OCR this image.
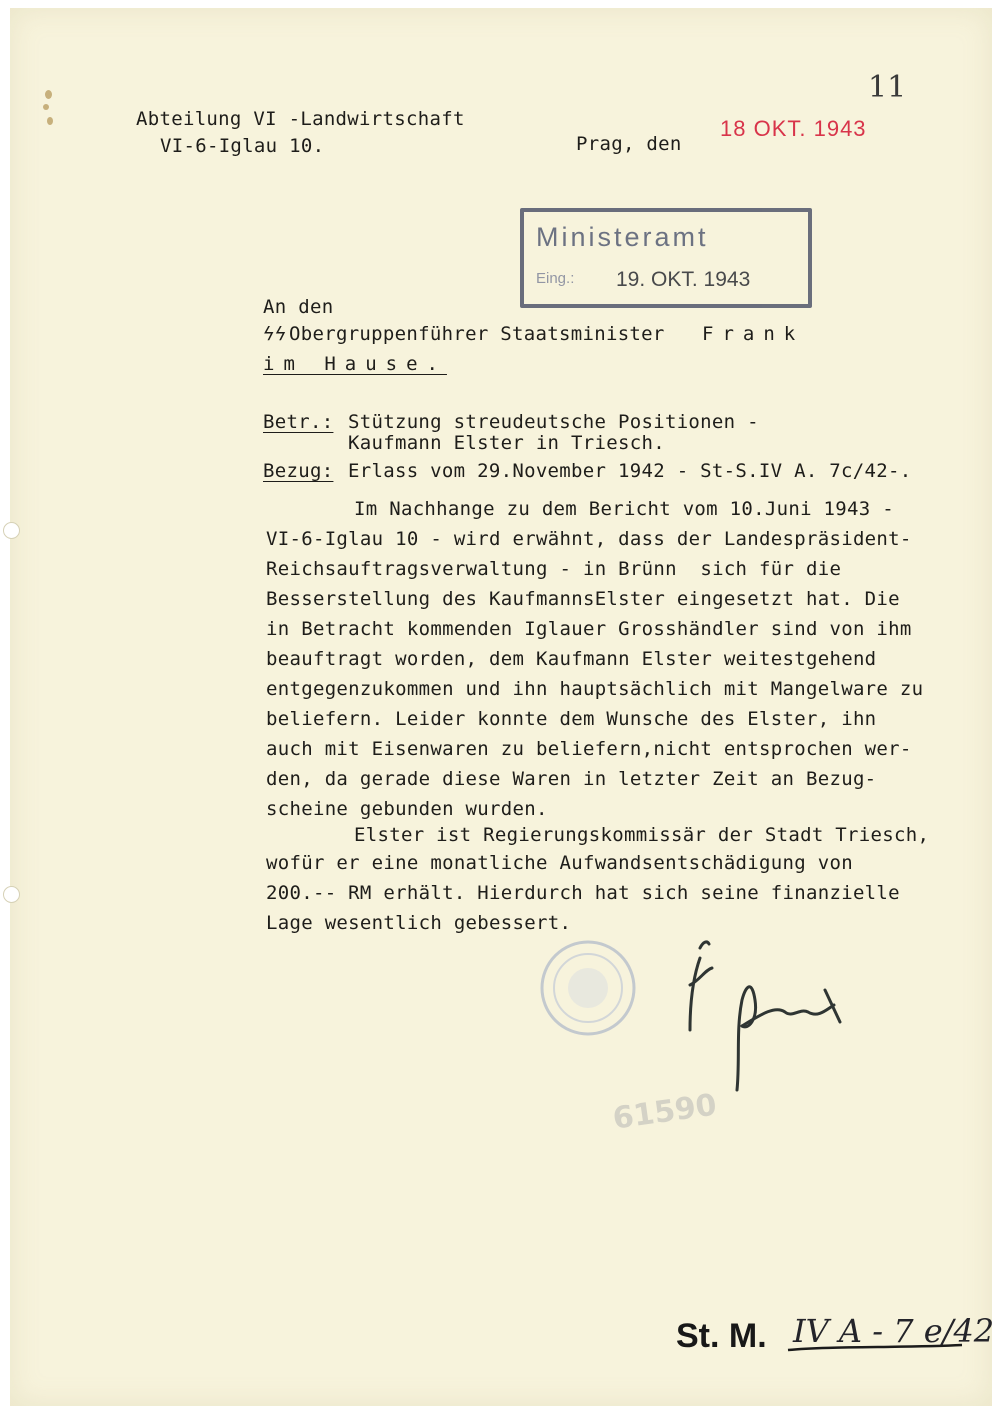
11
Abteilung VI -Landwirtschaft
VI-6-Iglau 10.	Prag, den
18 OKT. 1943
Ministeramt
Eing.: 19. OKT. 1943
An den
ϟϟ Obergruppenführer Staatsminister Frank
im Hause.
Betr.: Stützung streudeutsche Positionen -
Kaufmann Elster in Triesch.
Bezug: Erlass vom 29.November 1942 - St-S.IV A. 7c/42-.
Im Nachhange zu dem Bericht vom 10.Juni 1943 -
VI-6-Iglau 10 - wird erwähnt, dass der Landespräsident-
Reichsauftragsverwaltung - in Brünn  sich für die
Besserstellung des KaufmannsElster eingesetzt hat. Die
in Betracht kommenden Iglauer Grosshändler sind von ihm
beauftragt worden, dem Kaufmann Elster weitestgehend
entgegenzukommen und ihn hauptsächlich mit Mangelware zu
beliefern. Leider konnte dem Wunsche des Elster, ihn
auch mit Eisenwaren zu beliefern,nicht entsprochen wer-
den, da gerade diese Waren in letzter Zeit an Bezug-
scheine gebunden wurden.
Elster ist Regierungskommissär der Stadt Triesch,
wofür er eine monatliche Aufwandsentschädigung von
200.-- RM erhält. Hierdurch hat sich seine finanzielle
Lage wesentlich gebessert.
61590
St. M. IV A - 7 e/42
